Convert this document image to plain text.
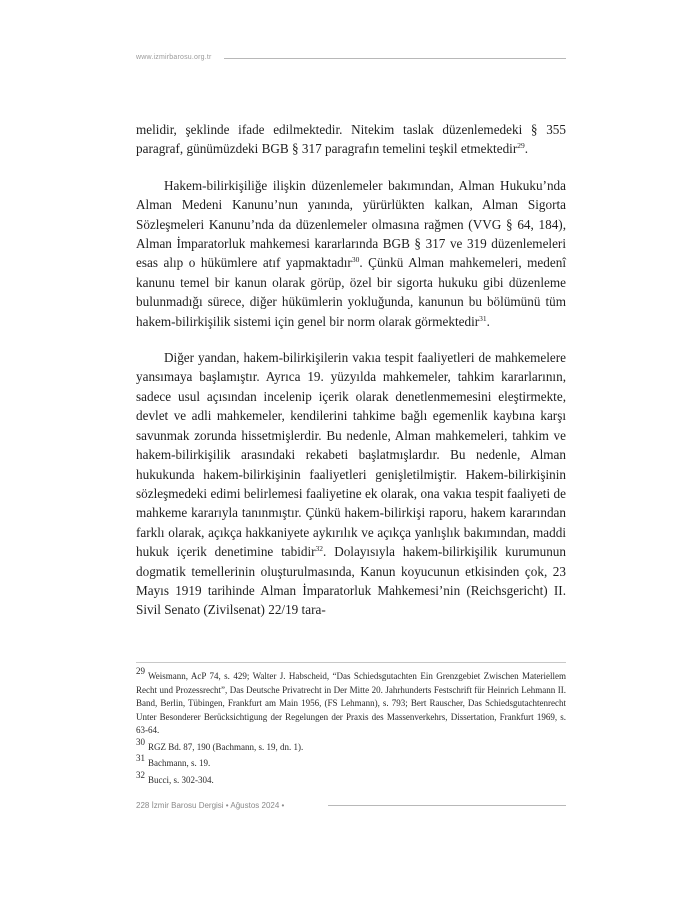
www.izmirbarosu.org.tr

melidir, şeklinde ifade edilmektedir. Nitekim taslak düzenlemedeki § 355 paragraf, günümüzdeki BGB § 317 paragrafın temelini teşkil etmektedir$^{29}$.

Hakem-bilirkişiliğe ilişkin düzenlemeler bakımından, Alman Hukuku’nda Alman Medeni Kanunu’nun yanında, yürürlükten kalkan, Alman Sigorta Sözleşmeleri Kanunu’nda da düzenlemeler olmasına rağmen (VVG § 64, 184), Alman İmparatorluk mahkemesi kararlarında BGB § 317 ve 319 düzenlemeleri esas alıp o hükümlere atıf yapmaktadır$^{30}$. Çünkü Alman mahkemeleri, medenî kanunu temel bir kanun olarak görüp, özel bir sigorta hukuku gibi düzenleme bulunmadığı sürece, diğer hükümlerin yokluğunda, kanunun bu bölümünü tüm hakem-bilirkişilik sistemi için genel bir norm olarak görmektedir$^{31}$.

Diğer yandan, hakem-bilirkişilerin vakıa tespit faaliyetleri de mahkemelere yansımaya başlamıştır. Ayrıca 19. yüzyılda mahkemeler, tahkim kararlarının, sadece usul açısından incelenip içerik olarak denetlenmemesini eleştirmekte, devlet ve adli mahkemeler, kendilerini tahkime bağlı egemenlik kaybına karşı savunmak zorunda hissetmişlerdir. Bu nedenle, Alman mahkemeleri, tahkim ve hakem-bilirkişilik arasındaki rekabeti başlatmışlardır. Bu nedenle, Alman hukukunda hakem-bilirkişinin faaliyetleri genişletilmiştir. Hakem-bilirkişinin sözleşmedeki edimi belirlemesi faaliyetine ek olarak, ona vakıa tespit faaliyeti de mahkeme kararıyla tanınmıştır. Çünkü hakem-bilirkişi raporu, hakem kararından farklı olarak, açıkça hakkaniyete aykırılık ve açıkça yanlışlık bakımından, maddi hukuk içerik denetimine tabidir$^{32}$. Dolayısıyla hakem-bilirkişilik kurumunun dogmatik temellerinin oluşturulmasında, Kanun koyucunun etkisinden çok, 23 Mayıs 1919 tarihinde Alman İmparatorluk Mahkemesi’nin (Reichsgericht) II. Sivil Senato (Zivilsenat) 22/19 tara-

$^{29}$ Weismann, AcP 74, s. 429; Walter J. Habscheid, “Das Schiedsgutachten Ein Grenzgebiet Zwischen Materiellem Recht und Prozessrecht”, Das Deutsche Privatrecht in Der Mitte 20. Jahrhunderts Festschrift für Heinrich Lehmann II. Band, Berlin, Tübingen, Frankfurt am Main 1956, (FS Lehmann), s. 793; Bert Rauscher, Das Schiedsgutachtenrecht Unter Besonderer Berücksichtigung der Regelungen der Praxis des Massenverkehrs, Dissertation, Frankfurt 1969, s. 63-64.

$^{30}$ RGZ Bd. 87, 190 (Bachmann, s. 19, dn. 1).

$^{31}$ Bachmann, s. 19.

$^{32}$ Bucci, s. 302-304.

228 İzmir Barosu Dergisi • Ağustos 2024 •
